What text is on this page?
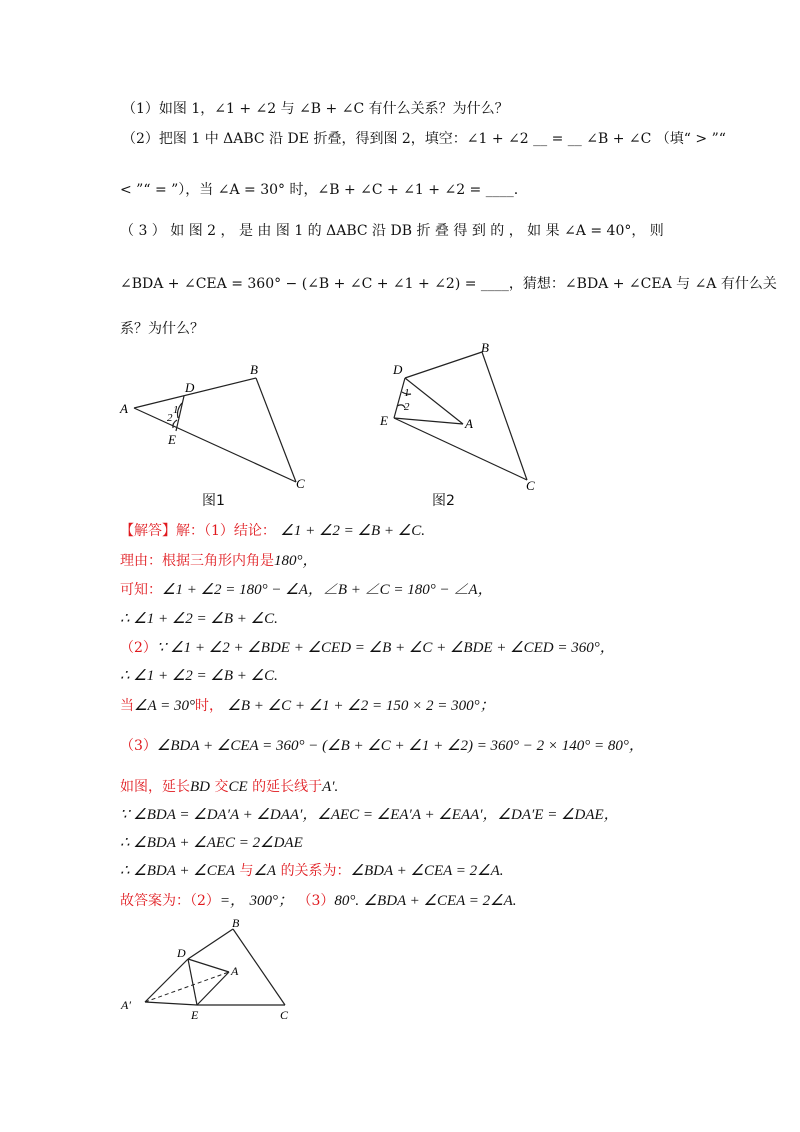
（1）如图 1，∠1 + ∠2 与 ∠B + ∠C 有什么关系？为什么？
（2）把图 1 中 ΔABC 沿 DE 折叠，得到图 2，填空：∠1 + ∠2 __ = __ ∠B + ∠C （填“ > ”“
< ”“ = ”），当 ∠A = 30° 时，∠B + ∠C + ∠1 + ∠2 = ____.
（ 3 ） 如 图 2 ， 是 由 图 1 的 ΔABC 沿 DB 折 叠 得 到 的 ， 如 果 ∠A = 40°， 则
∠BDA + ∠CEA = 360° − (∠B + ∠C + ∠1 + ∠2) = ____，猜想：∠BDA + ∠CEA 与 ∠A 有什么关
系？为什么？
A
B
C
D
E
1
2
图1
D
B
C
E	A
1
2
图2
【解答】解：（1）结论： ∠1 + ∠2 = ∠B + ∠C.
理由：根据三角形内角是180°，
可知：∠1 + ∠2 = 180° − ∠A，∠B + ∠C = 180° − ∠A，
∴ ∠1 + ∠2 = ∠B + ∠C.
（2）∵ ∠1 + ∠2 + ∠BDE + ∠CED = ∠B + ∠C + ∠BDE + ∠CED = 360°，
∴ ∠1 + ∠2 = ∠B + ∠C.
当∠A = 30°时， ∠B + ∠C + ∠1 + ∠2 = 150 × 2 = 300°；
（3）∠BDA + ∠CEA = 360° − (∠B + ∠C + ∠1 + ∠2) = 360° − 2 × 140° = 80°，
如图，延长BD 交CE 的延长线于A′.
∵ ∠BDA = ∠DA′A + ∠DAA′，∠AEC = ∠EA′A + ∠EAA′，∠DA′E = ∠DAE，
∴ ∠BDA + ∠AEC = 2∠DAE
∴ ∠BDA + ∠CEA 与∠A 的关系为：∠BDA + ∠CEA = 2∠A.
故答案为：（2）=， 300°； （3）80°. ∠BDA + ∠CEA = 2∠A.
D
B
C
E
A
A′
